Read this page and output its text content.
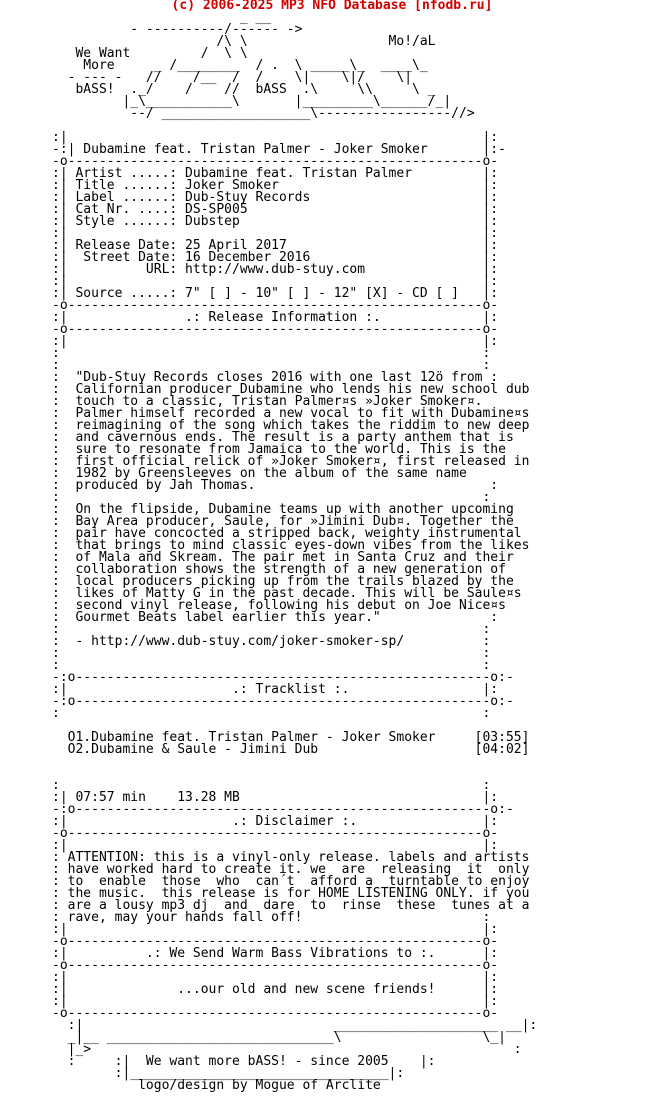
(c) 2006-2025 MP3 NFO Database [nfodb.ru]
_ __
- ----------/------ ->
/\ \                  Mo!/aL
We Want         /  \ \
More     _ /________  / .  \ _____\_  ____\_
- --- -   //    /__  /  /    \|    \|/    \|
bASS!  ._/    /    //  bASS  .\     \\     \ _
|_\___________\       |_________\______/_|
--/ ___________________\-----------------//>

:|                                                     |:
-:| Dubamine feat. Tristan Palmer - Joker Smoker       |:-
-o-----------------------------------------------------o-
:| Artist .....: Dubamine feat. Tristan Palmer         |:
:| Title ......: Joker Smoker                          |:
:| Label ......: Dub-Stuy Records                      |:
:| Cat Nr. ....: DS-SP005                              |:
:| Style ......: Dubstep                               |:
:|                                                     |:
:| Release Date: 25 April 2017                         |:
:|  Street Date: 16 December 2016                      |:
:|          URL: http://www.dub-stuy.com               |:
:|                                                     |:
:| Source .....: 7" [ ] - 10" [ ] - 12" [X] - CD [ ]   |:
-o-----------------------------------------------------o-
:|               .: Release Information :.             |:
-o-----------------------------------------------------o-
:|                                                     |:
:                                                      :
:                                                      :
:  "Dub-Stuy Records closes 2016 with one last 12ö from :
:  Californian producer Dubamine who lends his new school dub
:  touch to a classic, Tristan Palmer¤s »Joker Smoker¤.
:  Palmer himself recorded a new vocal to fit with Dubamine¤s
:  reimagining of the song which takes the riddim to new deep
:  and cavernous ends. The result is a party anthem that is
:  sure to resonate from Jamaica to the world. This is the
:  first official relick of »Joker Smoker¤, first released in
:  1982 by Greensleeves on the album of the same name
:  produced by Jah Thomas.                              :
:                                                      :
:  On the flipside, Dubamine teams up with another upcoming
:  Bay Area producer, Saule, for »Jimini Dub¤. Together the
:  pair have concocted a stripped back, weighty instrumental
:  that brings to mind classic eyes-down vibes from the likes
:  of Mala and Skream. The pair met in Santa Cruz and their
:  collaboration shows the strength of a new generation of
:  local producers picking up from the trails blazed by the
:  likes of Matty G in the past decade. This will be Saule¤s
:  second vinyl release, following his debut on Joe Nice¤s
:  Gourmet Beats label earlier this year."              :
:                                                      :
:  - http://www.dub-stuy.com/joker-smoker-sp/          :
:                                                      :
:                                                      :
-:o-----------------------------------------------------o:-
:|                     .: Tracklist :.                 |:
-:o-----------------------------------------------------o:-
:                                                      :

O1.Dubamine feat. Tristan Palmer - Joker Smoker     [03:55]
O2.Dubamine & Saule - Jimini Dub                    [04:02]

:                                                      :
:| 07:57 min    13.28 MB                               |:
-:o-----------------------------------------------------o:-
:|                     .: Disclaimer :.                |:
-o-----------------------------------------------------o-
:|                                                     |:
: ATTENTION: this is a vinyl-only release. labels and artists
: have worked hard to create it. we  are  releasing  it  only
: to  enable  those  who  can´t  afford a  turntable to enjoy
: the music.  this release is for HOME LISTENING ONLY. if you
: are a lousy mp3 dj  and  dare  to  rinse  these  tunes at a
: rave, may your hands fall off!                       :
:|                                                     |:
-o-----------------------------------------------------o-
:|          .: We Send Warm Bass Vibrations to :.      |:
-o-----------------------------------------------------o-
:|                                                     |:
:|              ...our old and new scene friends!      |:
:|                                                     |:
-o-----------------------------------------------------o-
:|                                _____________________ __|:
_|__ _____________________________\                  \_|
|_>                                                      :
:     :|  We want more bASS! - since 2005    |:
:|_________________________________|:
logo/design by Mogue of Arclite
